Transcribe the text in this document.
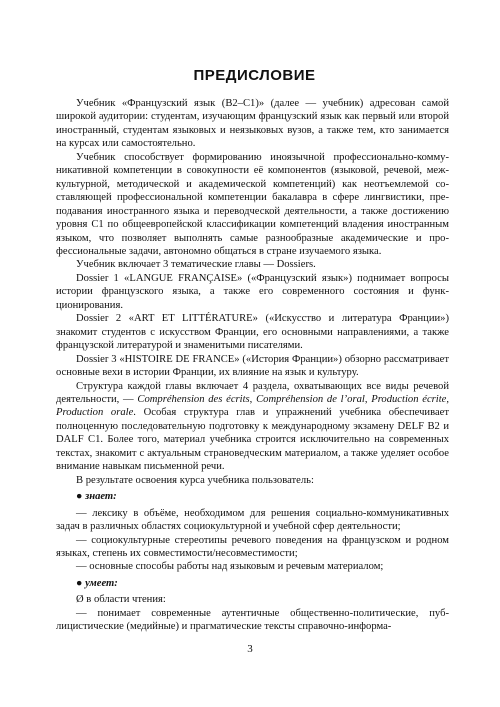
ПРЕДИСЛОВИЕ

Учебник «Французский язык (В2–С1)» (далее — учебник) адресован самой широкой аудитории: студентам, изучающим французский язык как первый или второй иностранный, студентам языковых и неязыковых вузов, а также тем, кто занимается на курсах или самостоятельно.

Учебник способствует формированию иноязычной профессионально-коммуникативной компетенции в совокупности её компонентов (языковой, речевой, межкультурной, методической и академической компетенций) как неотъемлемой составляющей профессиональной компетенции бакалавра в сфере лингвистики, преподавания иностранного языка и переводческой деятельности, а также достижению уровня С1 по общеевропейской классификации компетенций владения иностранным языком, что позволяет выполнять самые разнообразные академические и профессиональные задачи, автономно общаться в стране изучаемого языка.

Учебник включает 3 тематические главы — Dossiers.

Dossier 1 «LANGUE FRANÇAISE» («Французский язык») поднимает вопросы истории французского языка, а также его современного состояния и функционирования.

Dossier 2 «ART ET LITTÉRATURE» («Искусство и литература Франции») знакомит студентов с искусством Франции, его основными направлениями, а также французской литературой и знаменитыми писателями.

Dossier 3 «HISTOIRE DE FRANCE» («История Франции») обзорно рассматривает основные вехи в истории Франции, их влияние на язык и культуру.

Структура каждой главы включает 4 раздела, охватывающих все виды речевой деятельности, — Compréhension des écrits, Compréhension de l’oral, Production écrite, Production orale. Особая структура глав и упражнений учебника обеспечивает полноценную последовательную подготовку к международному экзамену DELF B2 и DALF C1. Более того, материал учебника строится исключительно на современных текстах, знакомит с актуальным страноведческим материалом, а также уделяет особое внимание навыкам письменной речи.

В результате освоения курса учебника пользователь:

● знает:

— лексику в объёме, необходимом для решения социально-коммуникативных задач в различных областях социокультурной и учебной сфер деятельности;

— социокультурные стереотипы речевого поведения на французском и родном языках, степень их совместимости/несовместимости;

— основные способы работы над языковым и речевым материалом;

● умеет:

Ø в области чтения:

— понимает современные аутентичные общественно-политические, публицистические (медийные) и прагматические тексты справочно-информа-

3
